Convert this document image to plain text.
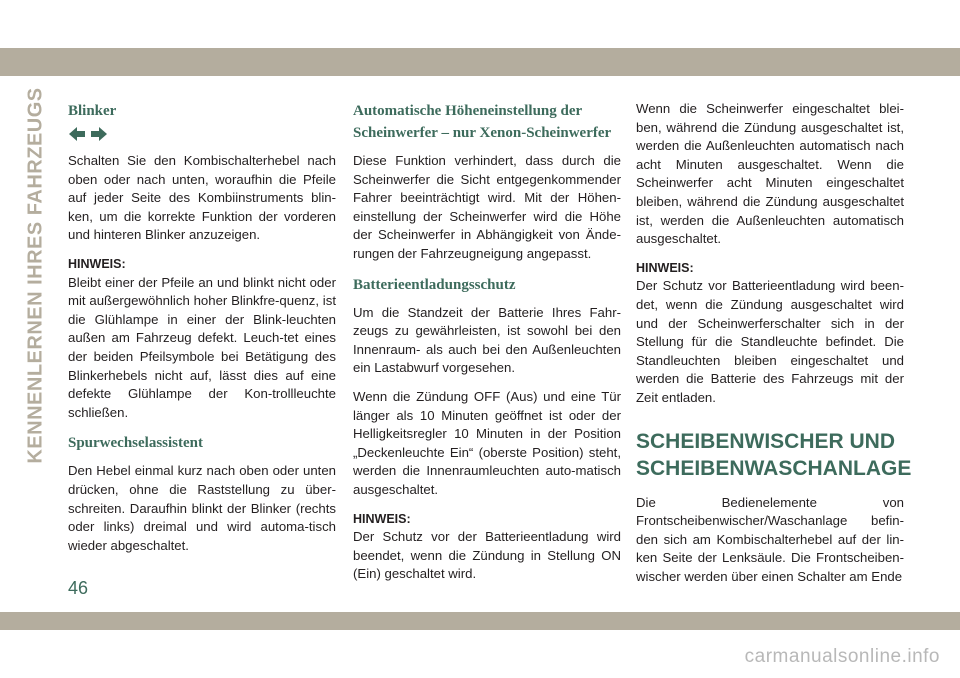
KENNENLERNEN IHRES FAHRZEUGS Blinker

Schalten Sie den Kombischalterhebel nach oben oder nach unten, woraufhin die Pfeile auf jeder Seite des Kombiinstruments blin-ken, um die korrekte Funktion der vorderen und hinteren Blinker anzuzeigen.

HINWEIS:

Bleibt einer der Pfeile an und blinkt nicht oder mit außergewöhnlich hoher Blinkfre-quenz, ist die Glühlampe in einer der Blink-leuchten außen am Fahrzeug defekt. Leuch-tet eines der beiden Pfeilsymbole bei Betätigung des Blinkerhebels nicht auf, lässt dies auf eine defekte Glühlampe der Kon-trollleuchte schließen.

Spurwechselassistent

Den Hebel einmal kurz nach oben oder unten drücken, ohne die Raststellung zu über-schreiten. Daraufhin blinkt der Blinker (rechts oder links) dreimal und wird automa-tisch wieder abgeschaltet.

Automatische Höheneinstellung der Scheinwerfer – nur Xenon-Scheinwerfer

Diese Funktion verhindert, dass durch die Scheinwerfer die Sicht entgegenkommender Fahrer beeinträchtigt wird. Mit der Höhen-einstellung der Scheinwerfer wird die Höhe der Scheinwerfer in Abhängigkeit von Ände-rungen der Fahrzeugneigung angepasst.

Batterieentladungsschutz

Um die Standzeit der Batterie Ihres Fahr-zeugs zu gewährleisten, ist sowohl bei den Innenraum- als auch bei den Außenleuchten ein Lastabwurf vorgesehen.

Wenn die Zündung OFF (Aus) und eine Tür länger als 10 Minuten geöffnet ist oder der Helligkeitsregler 10 Minuten in der Position „Deckenleuchte Ein“ (oberste Position) steht, werden die Innenraumleuchten auto-matisch ausgeschaltet.

HINWEIS:

Der Schutz vor der Batterieentladung wird beendet, wenn die Zündung in Stellung ON (Ein) geschaltet wird.

Wenn die Scheinwerfer eingeschaltet blei-ben, während die Zündung ausgeschaltet ist, werden die Außenleuchten automatisch nach acht Minuten ausgeschaltet. Wenn die Scheinwerfer acht Minuten eingeschaltet bleiben, während die Zündung ausgeschaltet ist, werden die Außenleuchten automatisch ausgeschaltet.

HINWEIS:

Der Schutz vor Batterieentladung wird been-det, wenn die Zündung ausgeschaltet wird und der Scheinwerferschalter sich in der Stellung für die Standleuchte befindet. Die Standleuchten bleiben eingeschaltet und werden die Batterie des Fahrzeugs mit der Zeit entladen.

SCHEIBENWISCHER UND SCHEIBENWASCHANLAGE

Die Bedienelemente von

Frontscheibenwischer/Waschanlage befin-den sich am Kombischalterhebel auf der lin-ken Seite der Lenksäule. Die Frontscheiben-wischer werden über einen Schalter am Ende

46
carmanualsonline.info
